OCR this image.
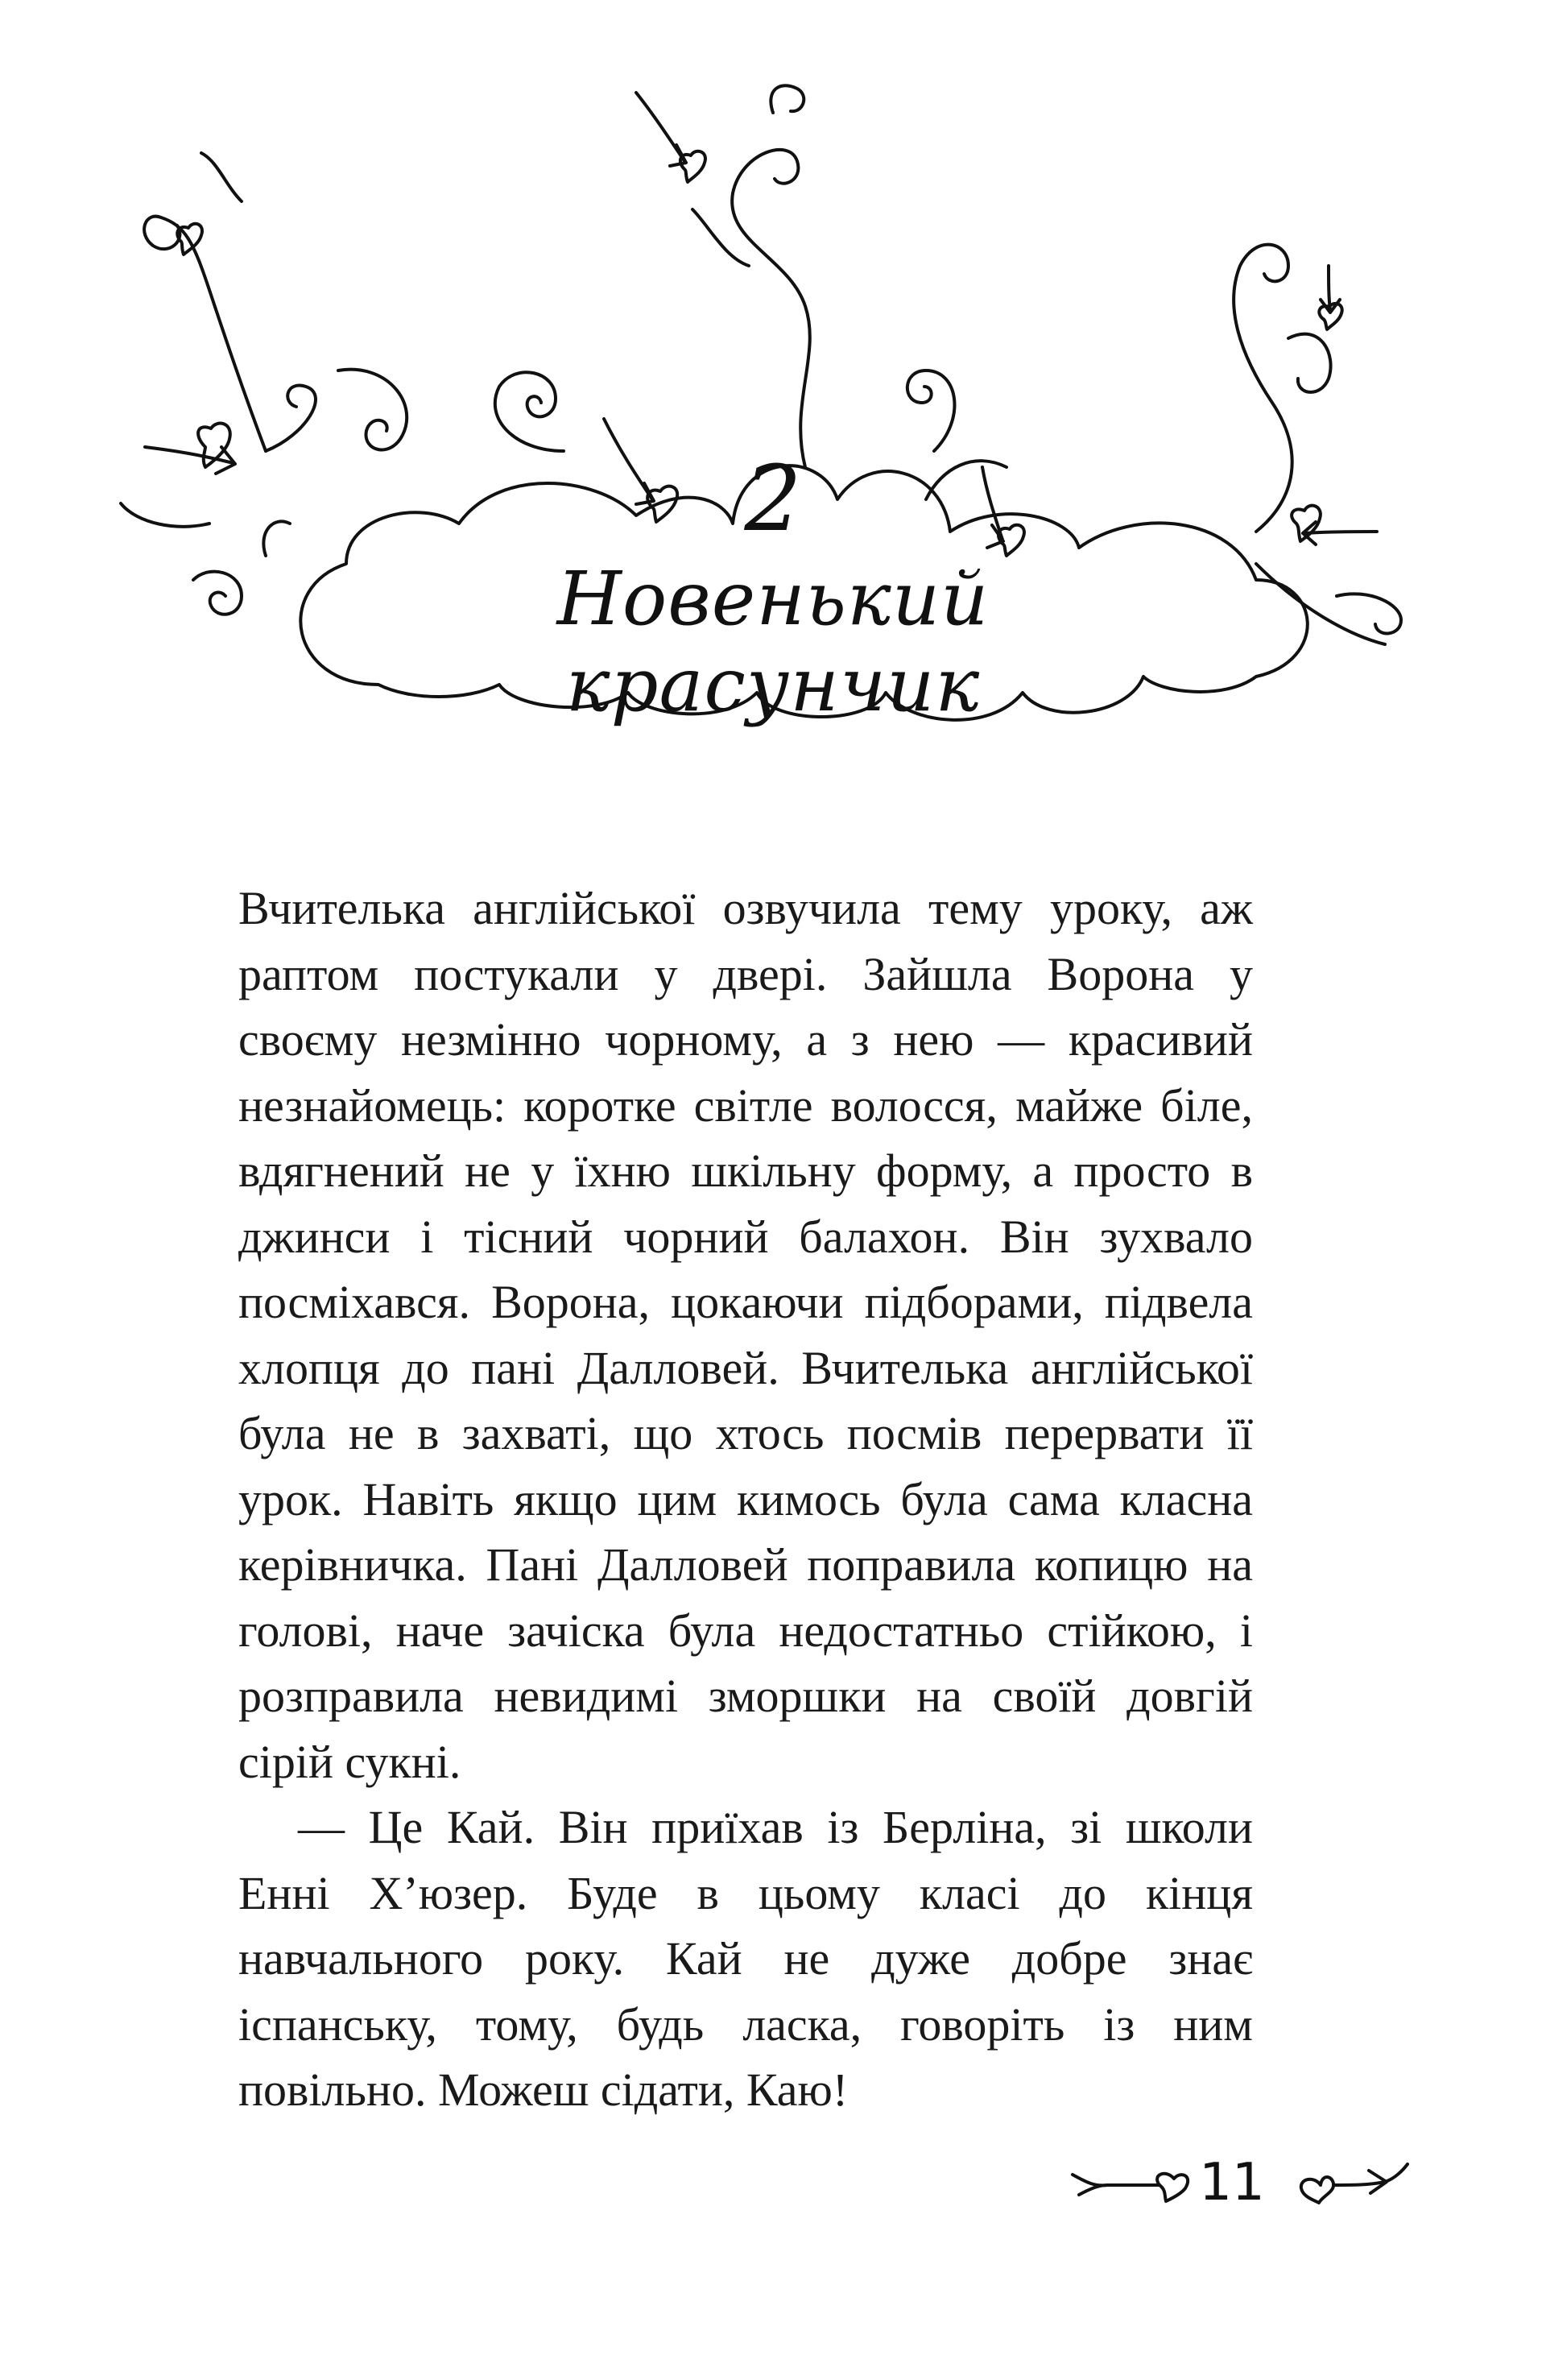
2
Новенький красунчик

Вчителька англійської озвучила тему уроку, аж раптом постукали у двері. Зайшла Ворона у своєму незмінно чорному, а з нею — красивий незнайомець: коротке світле волосся, майже біле, вдягнений не у їхню шкільну форму, а просто в джинси і тісний чорний балахон. Він зухвало посміхався. Ворона, цокаючи підборами, підвела хлопця до пані Далловей. Вчителька англійської була не в захваті, що хтось посмів перервати її урок. Навіть якщо цим кимось була сама класна керівничка. Пані Далловей поправила копицю на голові, наче зачіска була недостатньо стійкою, і розправила невидимі зморшки на своїй довгій сірій сукні.

— Це Кай. Він приїхав із Берліна, зі школи Енні Х’юзер. Буде в цьому класі до кінця навчального року. Кай не дуже добре знає іспанську, тому, будь ласка, говоріть із ним повільно. Можеш сідати, Каю!

11
